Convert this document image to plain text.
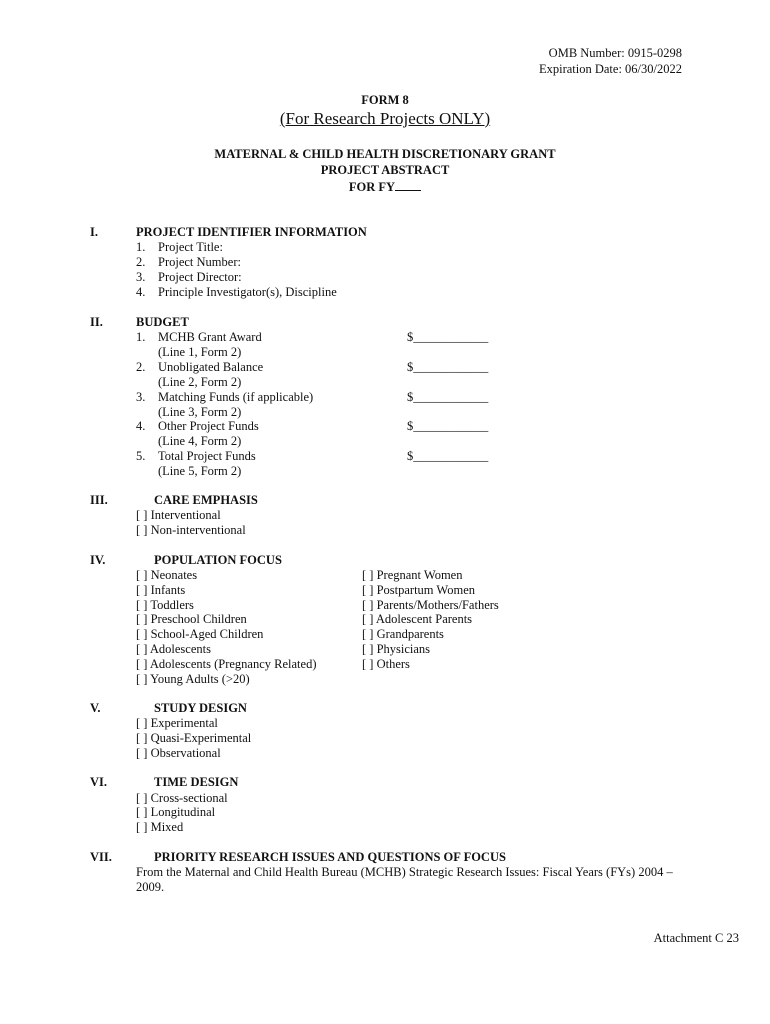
OMB Number: 0915-0298
Expiration Date: 06/30/2022
FORM 8
(For Research Projects ONLY)
MATERNAL & CHILD HEALTH DISCRETIONARY GRANT
PROJECT ABSTRACT
FOR FY
I.	PROJECT IDENTIFIER INFORMATION
1. Project Title:
2. Project Number:
3. Project Director:
4. Principle Investigator(s), Discipline
II.	BUDGET
1. MCHB Grant Award
(Line 1, Form 2)
$____________
2. Unobligated Balance
(Line 2, Form 2)
$____________
3. Matching Funds (if applicable)
(Line 3, Form 2)
$____________
4. Other Project Funds
(Line 4, Form 2)
$____________
5. Total Project Funds
(Line 5, Form 2)
$____________
III.	CARE EMPHASIS
[ ] Interventional
[ ] Non-interventional
IV.	POPULATION FOCUS
[ ] Neonates
[ ] Infants
[ ] Toddlers
[ ] Preschool Children
[ ] School-Aged Children
[ ] Adolescents
[ ] Adolescents (Pregnancy Related)
[ ] Young Adults (>20)
[ ] Pregnant Women
[ ] Postpartum Women
[ ] Parents/Mothers/Fathers
[ ] Adolescent Parents
[ ] Grandparents
[ ] Physicians
[ ] Others
V.	STUDY DESIGN
[ ] Experimental
[ ] Quasi-Experimental
[ ] Observational
VI.	TIME DESIGN
[ ] Cross-sectional
[ ] Longitudinal
[ ] Mixed
VII.	PRIORITY RESEARCH ISSUES AND QUESTIONS OF FOCUS
From the Maternal and Child Health Bureau (MCHB) Strategic Research Issues: Fiscal Years (FYs) 2004 – 2009.
Attachment C 23
